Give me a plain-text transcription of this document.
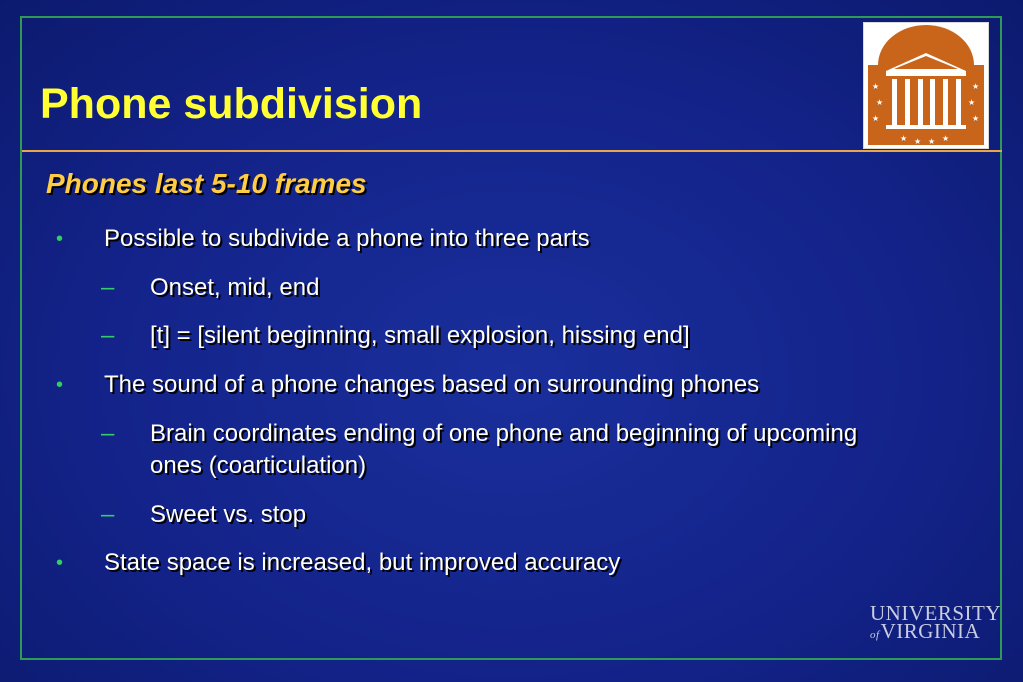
Phone subdivision	★
★
★
★
★
★
★ ★ ★ ★
Phones last 5-10 frames
• Possible to subdivide a phone into three parts
– Onset, mid, end
– [t] = [silent beginning, small explosion, hissing end]
• The sound of a phone changes based on surrounding phones
– Brain coordinates ending of one phone and beginning of upcoming
ones (coarticulation)
– Sweet vs. stop
• State space is increased, but improved accuracy
UNIVERSITY
ofVIRGINIA
